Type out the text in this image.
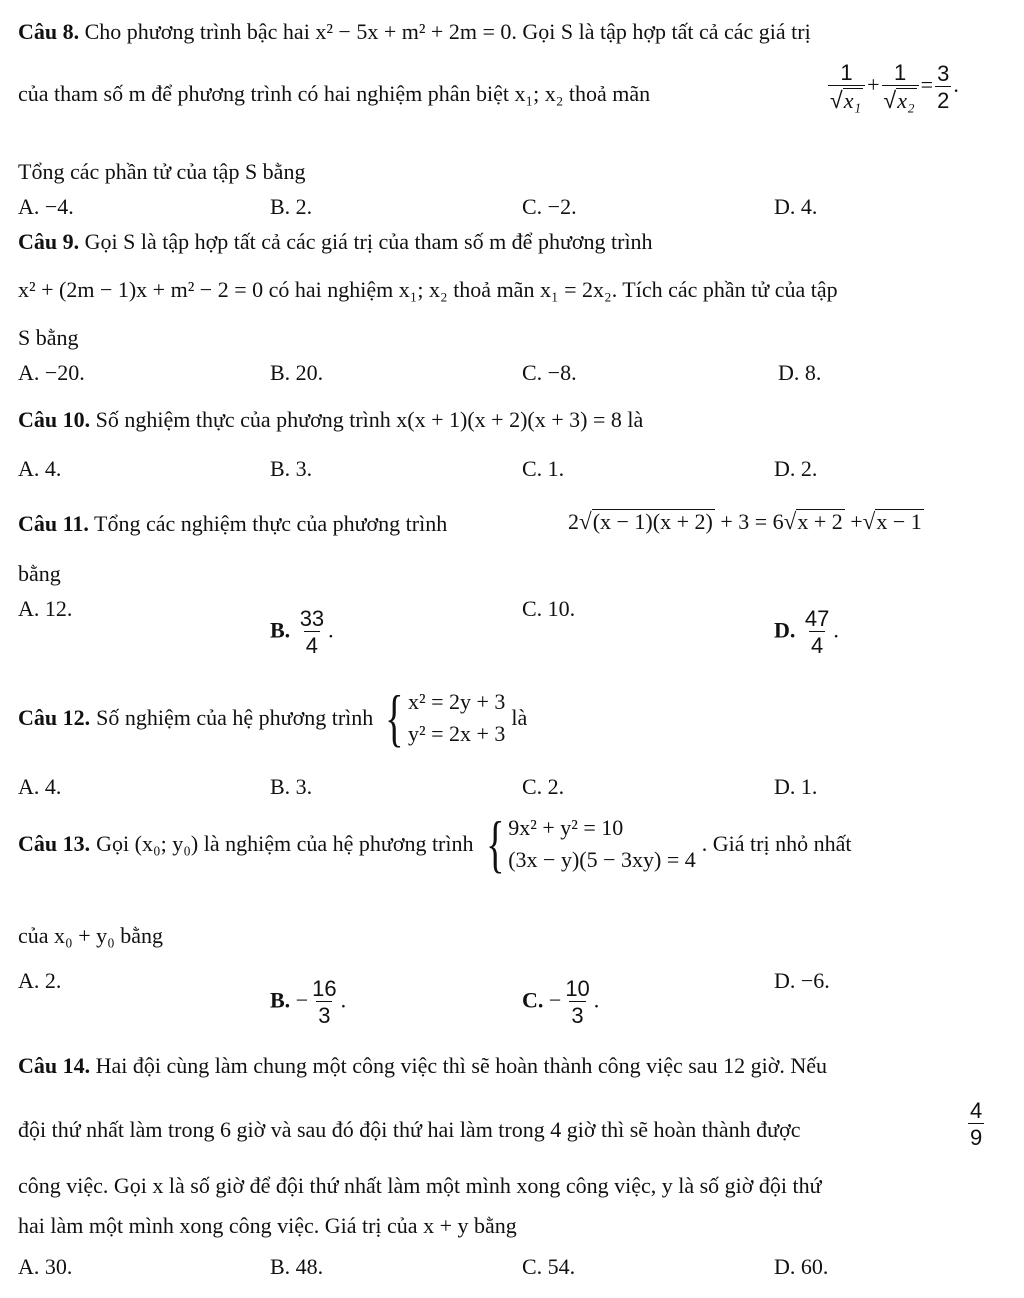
Câu 8. Cho phương trình bậc hai x² − 5x + m² + 2m = 0. Gọi S là tập hợp tất cả các giá trị
của tham số m để phương trình có hai nghiệm phân biệt x₁; x₂ thoả mãn	$\frac{1}{\text{√x₁}} + \frac{1}{\text{√x₂}} = \frac{3}{2}$ .
Tổng các phần tử của tập S bằng
A. −4.	B. 2.	C. −2.	D. 4.
Câu 9. Gọi S là tập hợp tất cả các giá trị của tham số m để phương trình
x² + (2m − 1)x + m² − 2 = 0 có hai nghiệm x₁; x₂ thoả mãn x₁ = 2x₂. Tích các phần tử của tập
S bằng
A. −20.	B. 20.	C. −8.	D. 8.
Câu 10. Số nghiệm thực của phương trình x(x + 1)(x + 2)(x + 3) = 8 là
A. 4.	B. 3.	C. 1.	D. 2.
Câu 11. Tổng các nghiệm thực của phương trình	2√(x − 1)(x + 2) + 3 = 6√x + 2 +√x − 1
bằng
A. 12.
B. $\frac{33}{4}$ .
C. 10.
D. $\frac{47}{4}$ .
Câu 12. Số nghiệm của hệ phương trình { x² = 2y + 3
y² = 2x + 3
là
A. 4.	B. 3.	C. 2.	D. 1.
Câu 13. Gọi (x₀; y₀) là nghiệm của hệ phương trình { 9x² + y² = 10
(3x − y)(5 − 3xy) = 4
. Giá trị nhỏ nhất
của x₀ + y₀ bằng
A. 2.
B. − $\frac{16}{3}$ .	C. − $\frac{10}{3}$ .
D. −6.
Câu 14. Hai đội cùng làm chung một công việc thì sẽ hoàn thành công việc sau 12 giờ. Nếu
đội thứ nhất làm trong 6 giờ và sau đó đội thứ hai làm trong 4 giờ thì sẽ hoàn thành được	$\frac{4}{9}$
công việc. Gọi x là số giờ để đội thứ nhất làm một mình xong công việc, y là số giờ đội thứ
hai làm một mình xong công việc. Giá trị của x + y bằng
A. 30.	B. 48.	C. 54.	D. 60.
